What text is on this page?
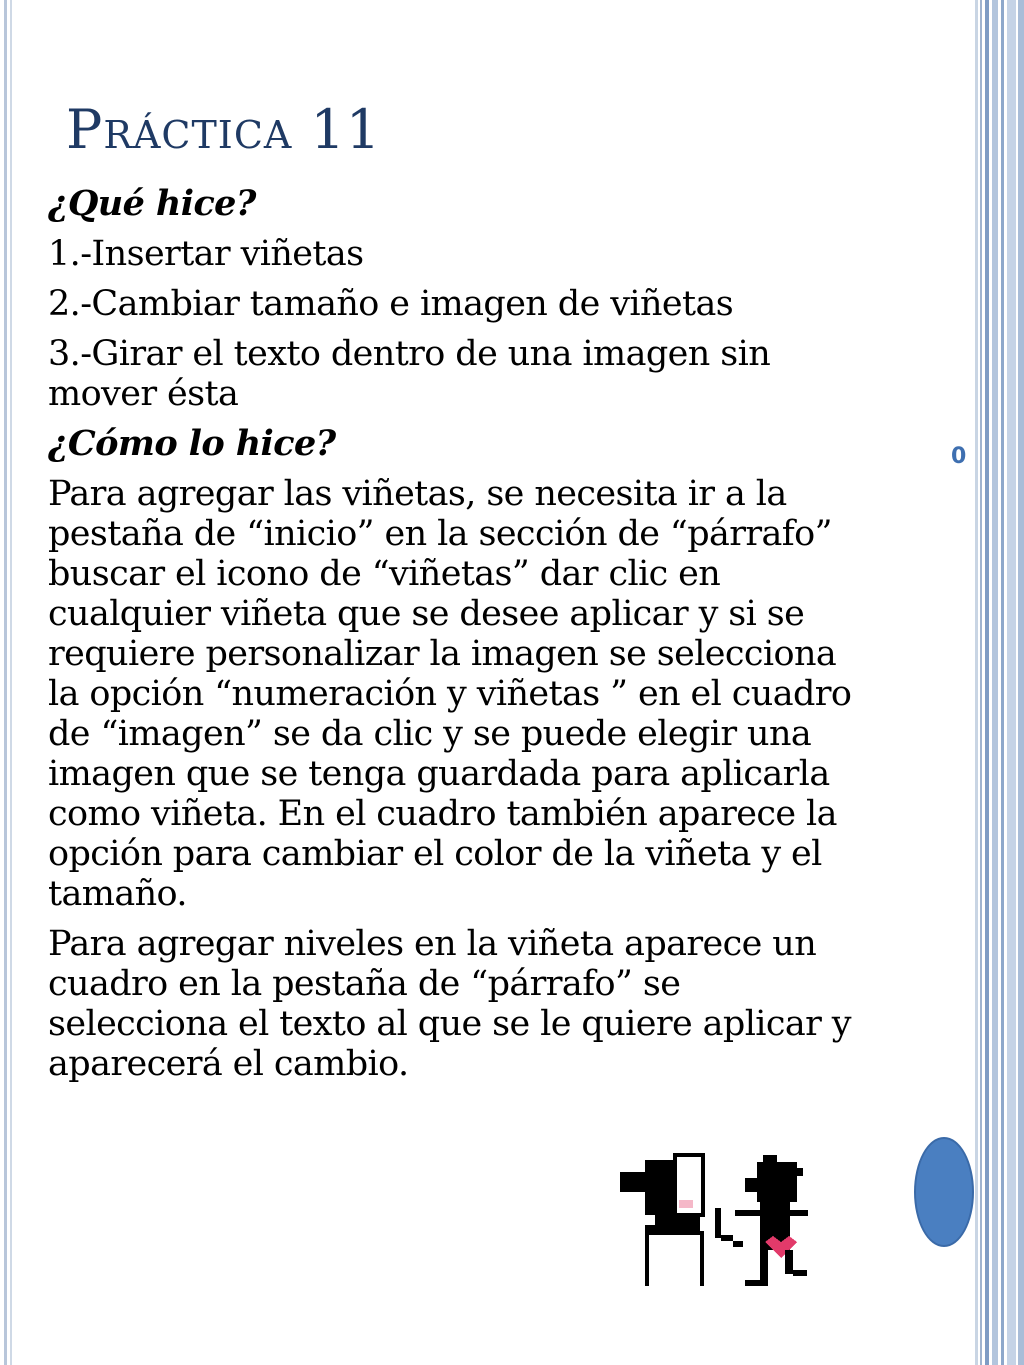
0
Práctica 11

¿Qué hice?

1.-Insertar viñetas

2.-Cambiar tamaño e imagen de viñetas

3.-Girar el texto dentro de una imagen sin mover ésta

¿Cómo lo hice?

Para agregar las viñetas, se necesita ir a la pestaña de “inicio” en la sección de “párrafo” buscar el icono de “viñetas” dar clic en cualquier viñeta que se desee aplicar y si se requiere personalizar la imagen se selecciona la opción “numeración y viñetas ” en el cuadro de “imagen” se da clic y se puede elegir una imagen que se tenga guardada para aplicarla como viñeta. En el cuadro también aparece la opción para cambiar el color de la viñeta y el tamaño.

Para agregar niveles en la viñeta aparece un cuadro en la pestaña de “párrafo” se selecciona el texto al que se le quiere aplicar y aparecerá el cambio.
